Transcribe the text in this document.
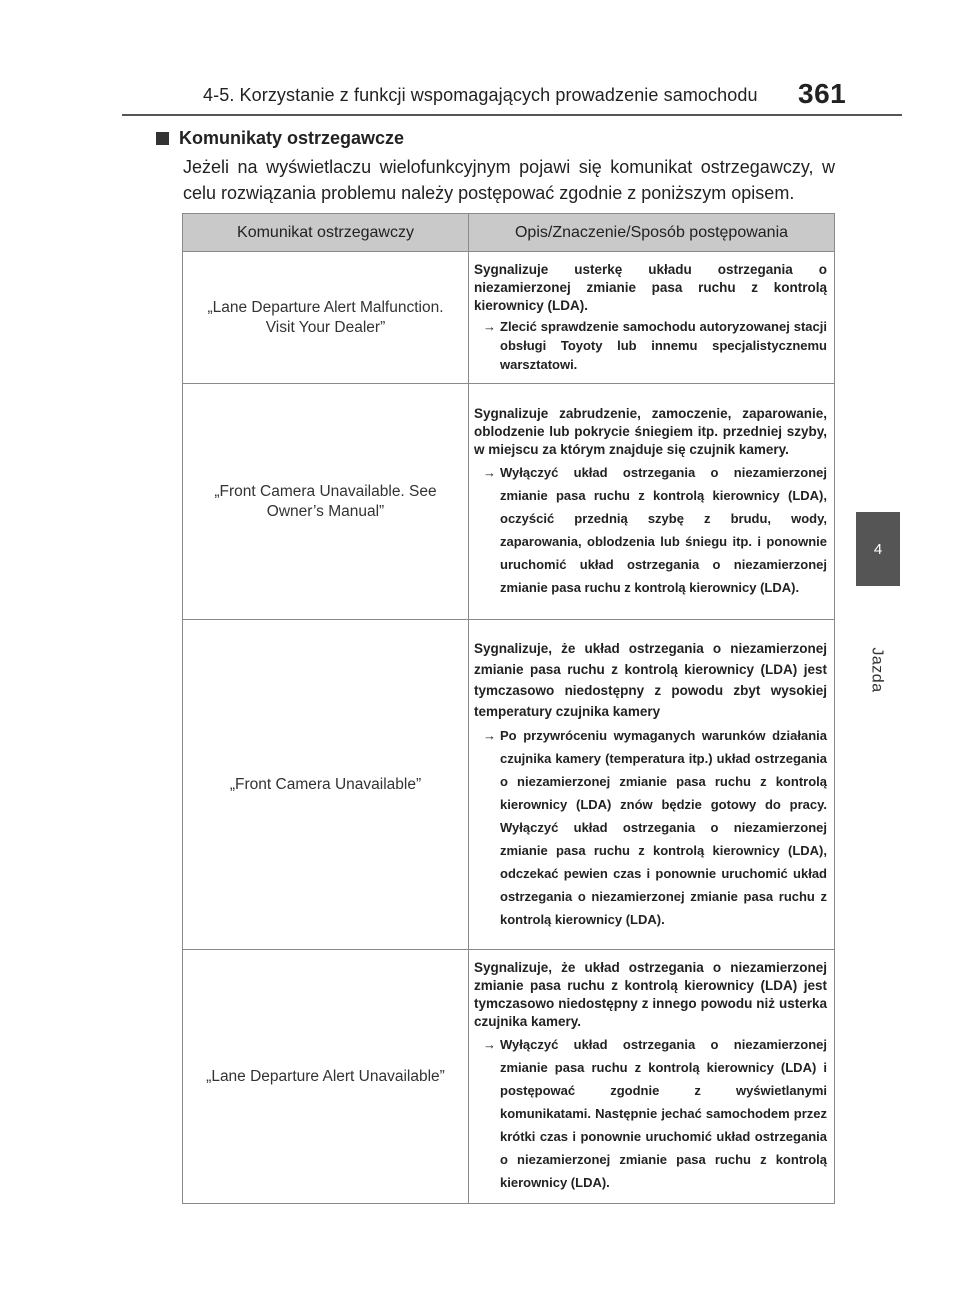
4-5. Korzystanie z funkcji wspomagających prowadzenie samochodu 361
4
Jazda
Komunikaty ostrzegawcze
Jeżeli na wyświetlaczu wielofunkcyjnym pojawi się komunikat ostrzegawczy, w celu rozwiązania problemu należy postępować zgodnie z poniższym opisem.
Komunikat ostrzegawczy	Opis/Znaczenie/Sposób postępowania
„Lane Departure Alert Malfunction. Visit Your Dealer”	Sygnalizuje usterkę układu ostrzegania o niezamierzonej zmianie pasa ruchu z kontrolą kierownicy (LDA).
→ Zlecić sprawdzenie samochodu autoryzowanej stacji obsługi Toyoty lub innemu specjalistycznemu warsztatowi.

„Front Camera Unavailable. See Owner’s Manual”	Sygnalizuje zabrudzenie, zamoczenie, zaparowanie, oblodzenie lub pokrycie śniegiem itp. przedniej szyby, w miejscu za którym znajduje się czujnik kamery.
→ Wyłączyć układ ostrzegania o niezamierzonej zmianie pasa ruchu z kontrolą kierownicy (LDA), oczyścić przednią szybę z brudu, wody, zaparowania, oblodzenia lub śniegu itp. i ponownie uruchomić układ ostrzegania o niezamierzonej zmianie pasa ruchu z kontrolą kierownicy (LDA).

„Front Camera Unavailable”	Sygnalizuje, że układ ostrzegania o niezamierzonej zmianie pasa ruchu z kontrolą kierownicy (LDA) jest tymczasowo niedostępny z powodu zbyt wysokiej temperatury czujnika kamery
→ Po przywróceniu wymaganych warunków działania czujnika kamery (temperatura itp.) układ ostrzegania o niezamierzonej zmianie pasa ruchu z kontrolą kierownicy (LDA) znów będzie gotowy do pracy. Wyłączyć układ ostrzegania o niezamierzonej zmianie pasa ruchu z kontrolą kierownicy (LDA), odczekać pewien czas i ponownie uruchomić układ ostrzegania o niezamierzonej zmianie pasa ruchu z kontrolą kierownicy (LDA).

„Lane Departure Alert Unavailable”	Sygnalizuje, że układ ostrzegania o niezamierzonej zmianie pasa ruchu z kontrolą kierownicy (LDA) jest tymczasowo niedostępny z innego powodu niż usterka czujnika kamery.
→ Wyłączyć układ ostrzegania o niezamierzonej zmianie pasa ruchu z kontrolą kierownicy (LDA) i postępować zgodnie z wyświetlanymi komunikatami. Następnie jechać samochodem przez krótki czas i ponownie uruchomić układ ostrzegania o niezamierzonej zmianie pasa ruchu z kontrolą kierownicy (LDA).
